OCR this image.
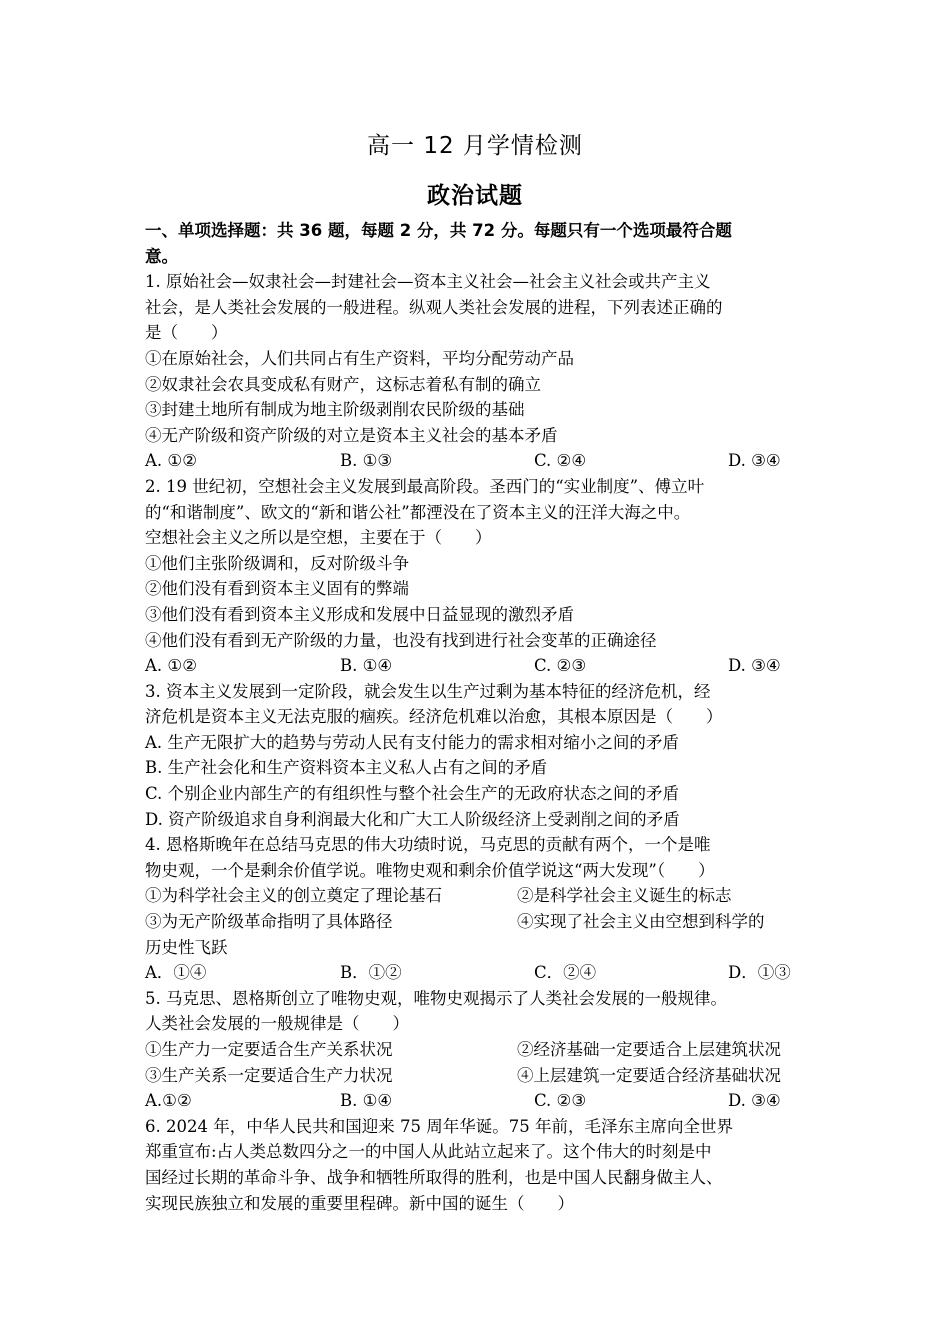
高一 12 月学情检测
政治试题
一、单项选择题：共 36 题，每题 2 分，共 72 分。每题只有一个选项最符合题
意。
1. 原始社会—奴隶社会—封建社会—资本主义社会—社会主义社会或共产主义
社会，是人类社会发展的一般进程。纵观人类社会发展的进程，下列表述正确的
是（　　）
①在原始社会，人们共同占有生产资料，平均分配劳动产品
②奴隶社会农具变成私有财产，这标志着私有制的确立
③封建土地所有制成为地主阶级剥削农民阶级的基础
④无产阶级和资产阶级的对立是资本主义社会的基本矛盾
A. ①②	B. ①③	C. ②④	D. ③④
2. 19 世纪初，空想社会主义发展到最高阶段。圣西门的“实业制度”、傅立叶
的“和谐制度”、欧文的“新和谐公社”都湮没在了资本主义的汪洋大海之中。
空想社会主义之所以是空想，主要在于（　　）
①他们主张阶级调和，反对阶级斗争
②他们没有看到资本主义固有的弊端
③他们没有看到资本主义形成和发展中日益显现的激烈矛盾
④他们没有看到无产阶级的力量，也没有找到进行社会变革的正确途径
A. ①②	B. ①④	C. ②③	D. ③④
3. 资本主义发展到一定阶段，就会发生以生产过剩为基本特征的经济危机，经
济危机是资本主义无法克服的痼疾。经济危机难以治愈，其根本原因是（　　）
A. 生产无限扩大的趋势与劳动人民有支付能力的需求相对缩小之间的矛盾
B. 生产社会化和生产资料资本主义私人占有之间的矛盾
C. 个别企业内部生产的有组织性与整个社会生产的无政府状态之间的矛盾
D. 资产阶级追求自身利润最大化和广大工人阶级经济上受剥削之间的矛盾
4. 恩格斯晚年在总结马克思的伟大功绩时说，马克思的贡献有两个，一个是唯
物史观，一个是剩余价值学说。唯物史观和剩余价值学说这“两大发现”（　　）
①为科学社会主义的创立奠定了理论基石	②是科学社会主义诞生的标志
③为无产阶级革命指明了具体路径	④实现了社会主义由空想到科学的
历史性飞跃
A．①④	B．①②	C．②④	D．①③
5. 马克思、恩格斯创立了唯物史观，唯物史观揭示了人类社会发展的一般规律。
人类社会发展的一般规律是（　　）
①生产力一定要适合生产关系状况	②经济基础一定要适合上层建筑状况
③生产关系一定要适合生产力状况	④上层建筑一定要适合经济基础状况
A.①②	B. ①④	C. ②③	D. ③④
6. 2024 年，中华人民共和国迎来 75 周年华诞。75 年前，毛泽东主席向全世界
郑重宣布:占人类总数四分之一的中国人从此站立起来了。这个伟大的时刻是中
国经过长期的革命斗争、战争和牺牲所取得的胜利，也是中国人民翻身做主人、
实现民族独立和发展的重要里程碑。新中国的诞生（　　）
